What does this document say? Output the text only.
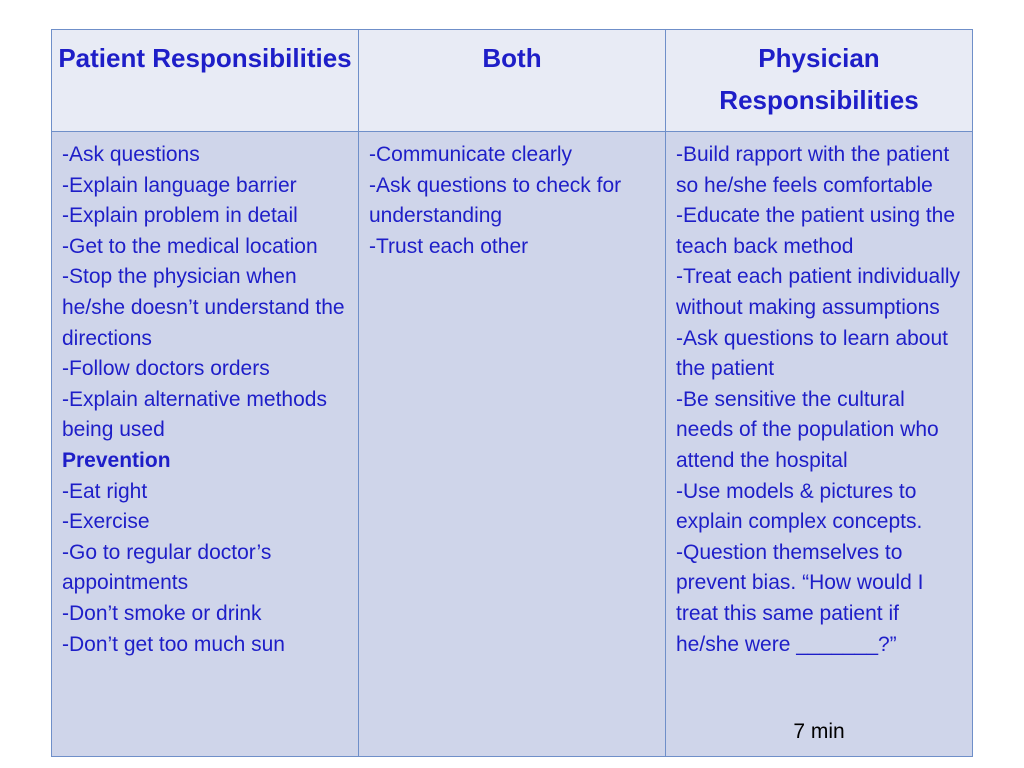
Patient Responsibilities	Both	Physician Responsibilities
-Ask questions
-Explain language barrier
-Explain problem in detail
-Get to the medical location
-Stop the physician when he/she doesn’t understand the directions
-Follow doctors orders
-Explain alternative methods being used
Prevention
-Eat right
-Exercise
-Go to regular doctor’s appointments
-Don’t smoke or drink
-Don’t get too much sun
-Communicate clearly
-Ask questions to check for understanding
-Trust each other
-Build rapport with the patient so he/she feels comfortable
-Educate the patient using the teach back method
-Treat each patient individually without making assumptions
-Ask questions to learn about the patient
-Be sensitive the cultural needs of the population who attend the hospital
-Use models & pictures to explain complex concepts.
-Question themselves to prevent bias. “How would I treat this same patient if he/she were _______?”
7 min
